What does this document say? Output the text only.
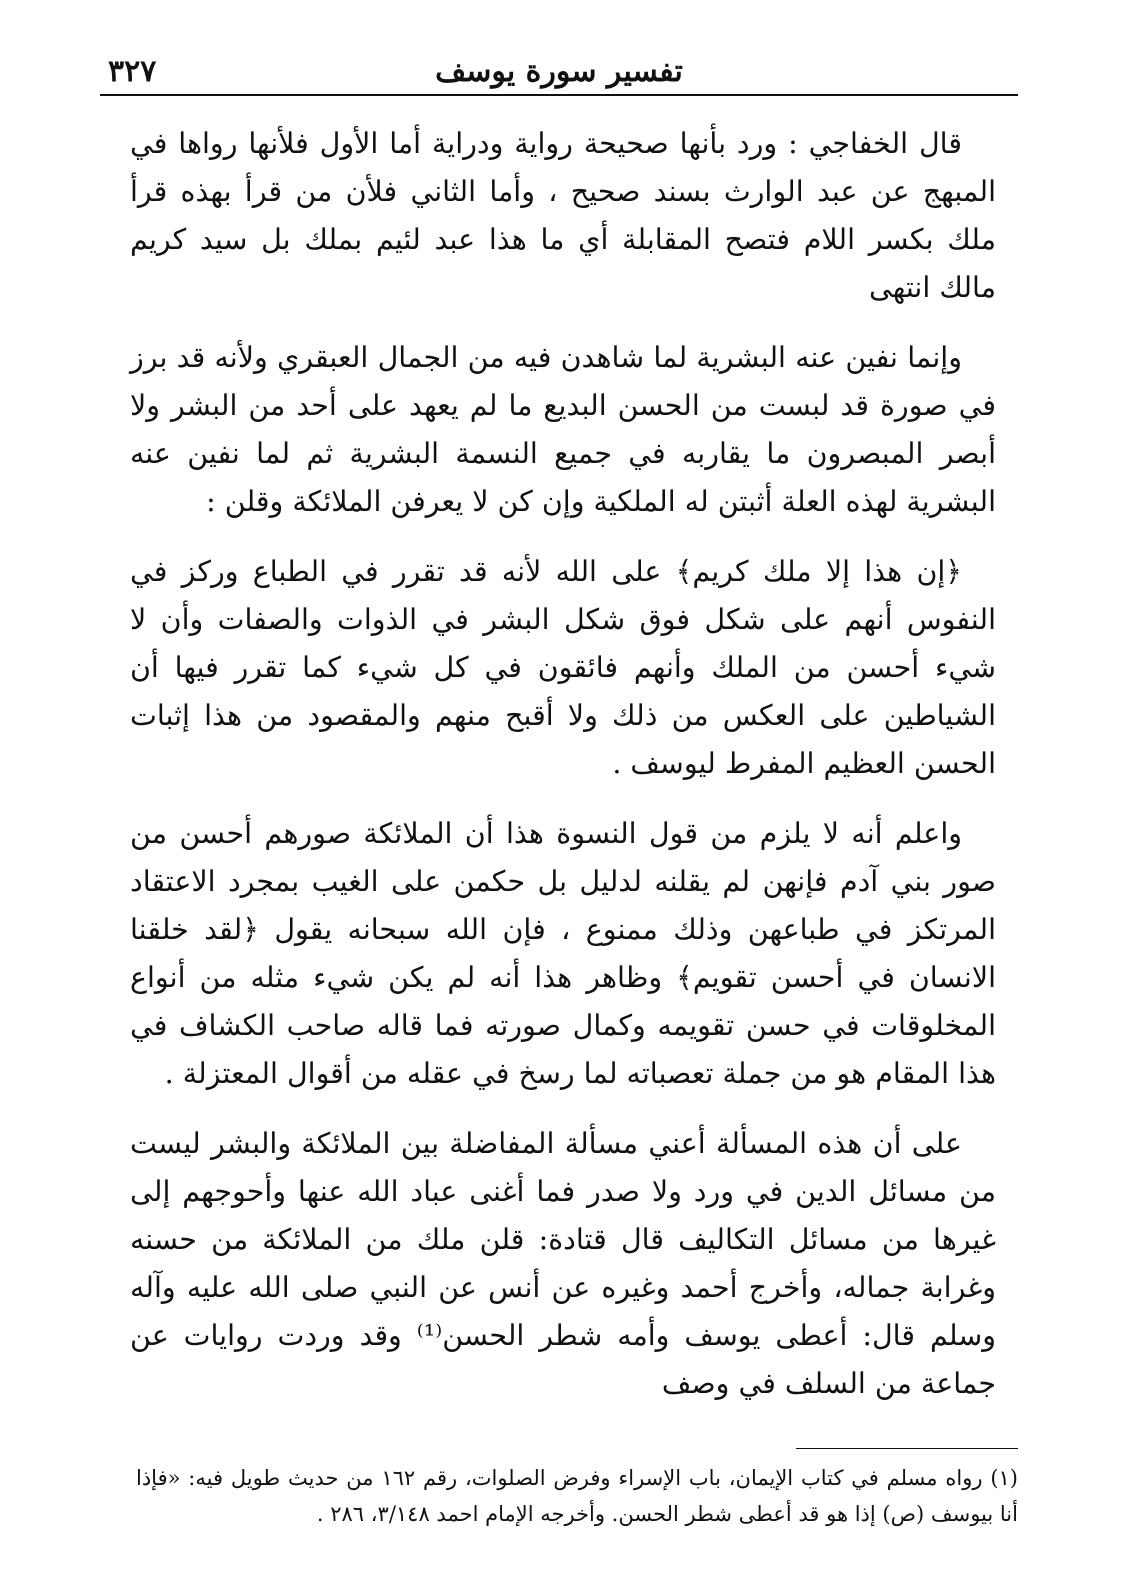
تفسير سورة يوسف
٣٢٧

قال الخفاجي : ورد بأنها صحيحة رواية ودراية أما الأول فلأنها رواها في المبهج عن عبد الوارث بسند صحيح ، وأما الثاني فلأن من قرأ بهذه قرأ ملك بكسر اللام فتصح المقابلة أي ما هذا عبد لئيم بملك بل سيد كريم مالك انتهى

وإنما نفين عنه البشرية لما شاهدن فيه من الجمال العبقري ولأنه قد برز في صورة قد لبست من الحسن البديع ما لم يعهد على أحد من البشر ولا أبصر المبصرون ما يقاربه في جميع النسمة البشرية ثم لما نفين عنه البشرية لهذه العلة أثبتن له الملكية وإن كن لا يعرفن الملائكة وقلن :

﴿إن هذا إلا ملك كريم﴾ على الله لأنه قد تقرر في الطباع وركز في النفوس أنهم على شكل فوق شكل البشر في الذوات والصفات وأن لا شيء أحسن من الملك وأنهم فائقون في كل شيء كما تقرر فيها أن الشياطين على العكس من ذلك ولا أقبح منهم والمقصود من هذا إثبات الحسن العظيم المفرط ليوسف .

واعلم أنه لا يلزم من قول النسوة هذا أن الملائكة صورهم أحسن من صور بني آدم فإنهن لم يقلنه لدليل بل حكمن على الغيب بمجرد الاعتقاد المرتكز في طباعهن وذلك ممنوع ، فإن الله سبحانه يقول ﴿لقد خلقنا الانسان في أحسن تقويم﴾ وظاهر هذا أنه لم يكن شيء مثله من أنواع المخلوقات في حسن تقويمه وكمال صورته فما قاله صاحب الكشاف في هذا المقام هو من جملة تعصباته لما رسخ في عقله من أقوال المعتزلة .

على أن هذه المسألة أعني مسألة المفاضلة بين الملائكة والبشر ليست من مسائل الدين في ورد ولا صدر فما أغنى عباد الله عنها وأحوجهم إلى غيرها من مسائل التكاليف قال قتادة: قلن ملك من الملائكة من حسنه وغرابة جماله، وأخرج أحمد وغيره عن أنس عن النبي صلى الله عليه وآله وسلم قال: أعطى يوسف وأمه شطر الحسن⁽¹⁾ وقد وردت روايات عن جماعة من السلف في وصف

(١) رواه مسلم في كتاب الإيمان، باب الإسراء وفرض الصلوات، رقم ١٦٢ من حديث طويل فيه: «فإذا أنا بيوسف (ص) إذا هو قد أعطى شطر الحسن. وأخرجه الإمام احمد ٣/١٤٨، ٢٨٦ .
